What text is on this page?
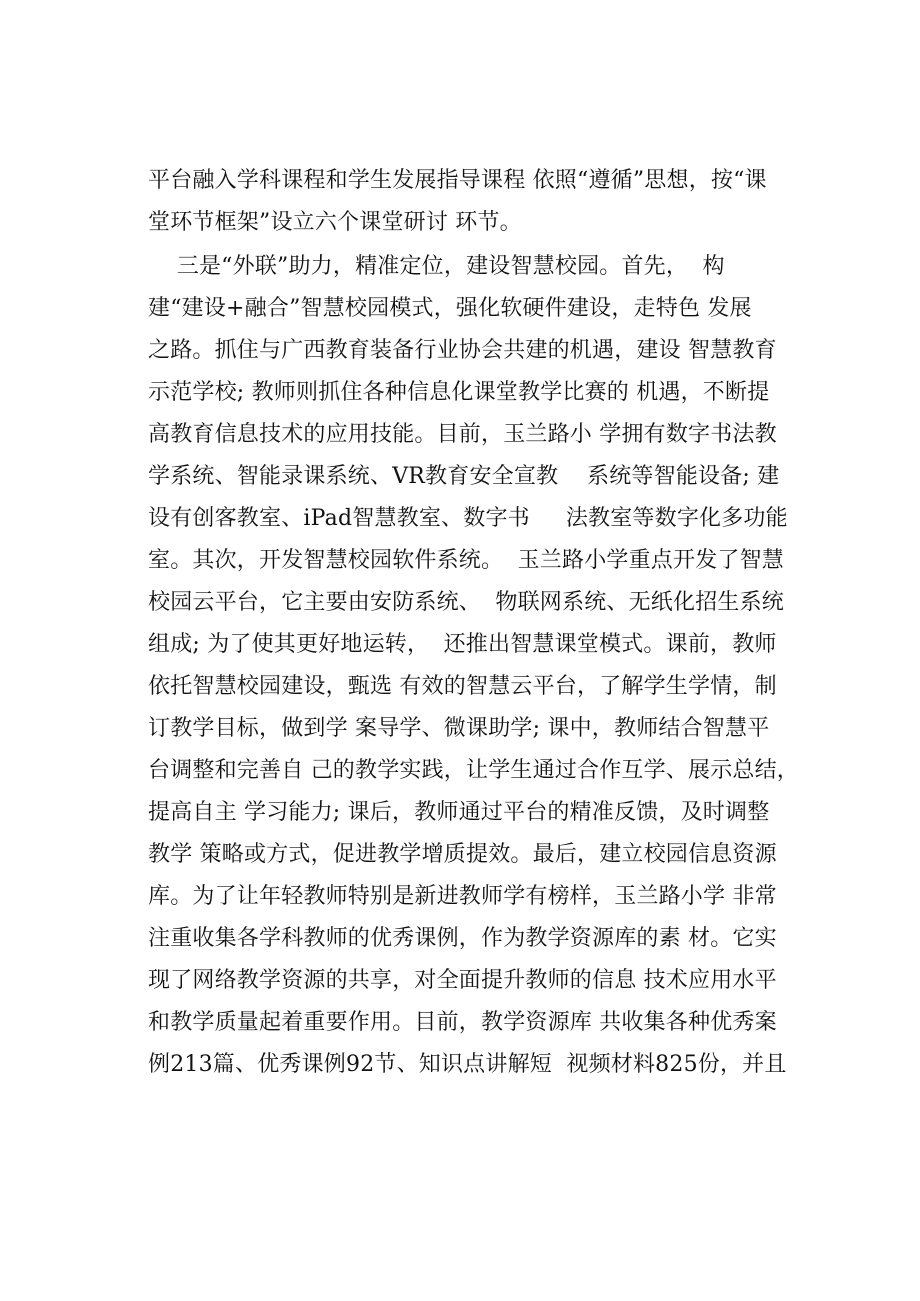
平台融入学科课程和学生发展指导课程 依照“遵循”思想，按“课
堂环节框架”设立六个课堂研讨 环节。
三是“外联”助力，精准定位，建设智慧校园。首先，  构
建“建设+融合”智慧校园模式，强化软硬件建设，走特色 发展
之路。抓住与广西教育装备行业协会共建的机遇，建设 智慧教育
示范学校; 教师则抓住各种信息化课堂教学比赛的 机遇，不断提
高教育信息技术的应用技能。目前，玉兰路小 学拥有数字书法教
学系统、智能录课系统、VR教育安全宣教    系统等智能设备; 建
设有创客教室、iPad智慧教室、数字书     法教室等数字化多功能
室。其次，开发智慧校园软件系统。  玉兰路小学重点开发了智慧
校园云平台，它主要由安防系统、  物联网系统、无纸化招生系统
组成; 为了使其更好地运转，  还推出智慧课堂模式。课前，教师
依托智慧校园建设，甄选 有效的智慧云平台，了解学生学情，制
订教学目标，做到学 案导学、微课助学; 课中，教师结合智慧平
台调整和完善自 己的教学实践，让学生通过合作互学、展示总结，
提高自主 学习能力; 课后，教师通过平台的精准反馈，及时调整
教学 策略或方式，促进教学增质提效。最后，建立校园信息资源
库。为了让年轻教师特别是新进教师学有榜样，玉兰路小学 非常
注重收集各学科教师的优秀课例，作为教学资源库的素 材。它实
现了网络教学资源的共享，对全面提升教师的信息 技术应用水平
和教学质量起着重要作用。目前，教学资源库 共收集各种优秀案
例213篇、优秀课例92节、知识点讲解短  视频材料825份，并且
